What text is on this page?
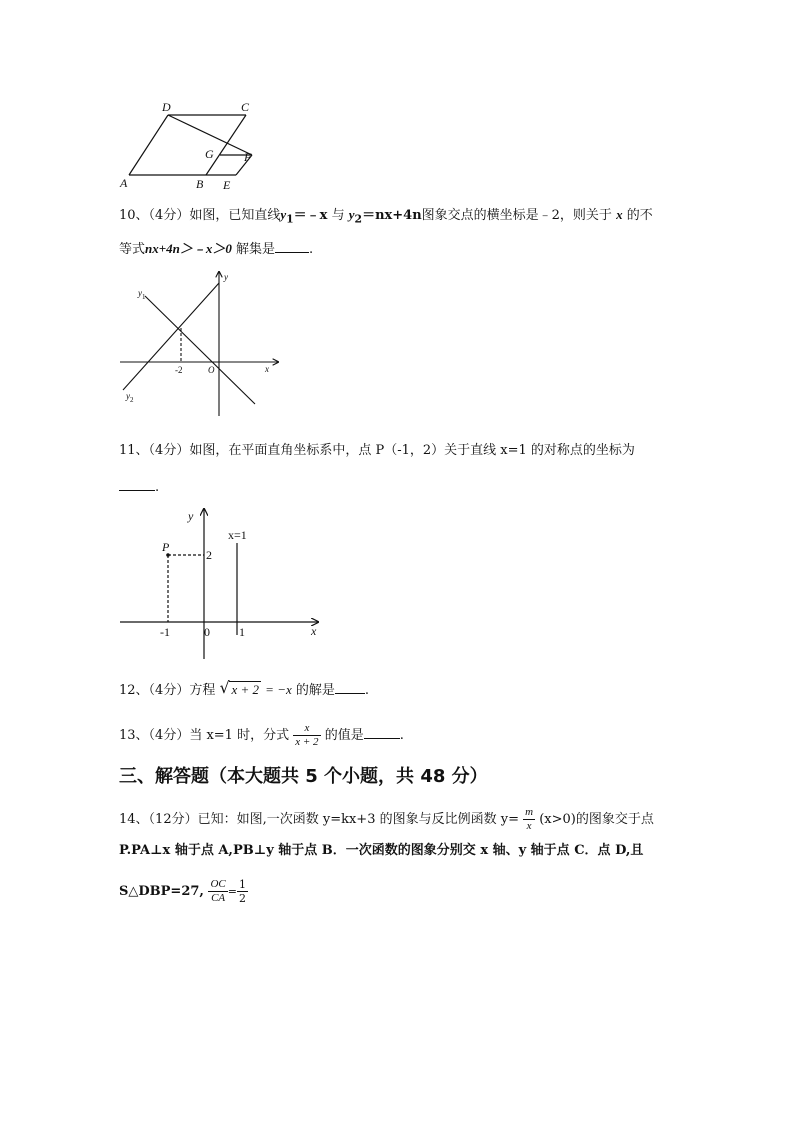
D	C
G	F
A	B E
10、（4分）如图，已知直线$y_1=﹣x$ 与 $y_2=nx+4n$图象交点的横坐标是﹣2，则关于 x 的不
等式nx+4n＞﹣x＞0 解集是	.
$y_1$
$y_2$
y
x
O
-2
11、（4分）如图，在平面直角坐标系中，点 P（-1，2）关于直线 x=1 的对称点的坐标为
.
y
x
P
2
x=1
-1	0 1
12、（4分）方程 √ x + 2 = −x 的解是 .
13、（4分）当 x=1 时，分式 $\frac{x}{x + 2}$ 的值是	.
三、解答题（本大题共 5 个小题，共 48 分）
14、（12分）已知：如图,一次函数 y=kx+3 的图象与反比例函数 $y= \frac{m}{x} (x>0)$的图象交于点
P.PA⊥x 轴于点 A,PB⊥y 轴于点 B．一次函数的图象分别交 x 轴、y 轴于点 C．点 D,且
S△DBP=27, $\frac{OC}{CA} = \frac{1}{2}$
